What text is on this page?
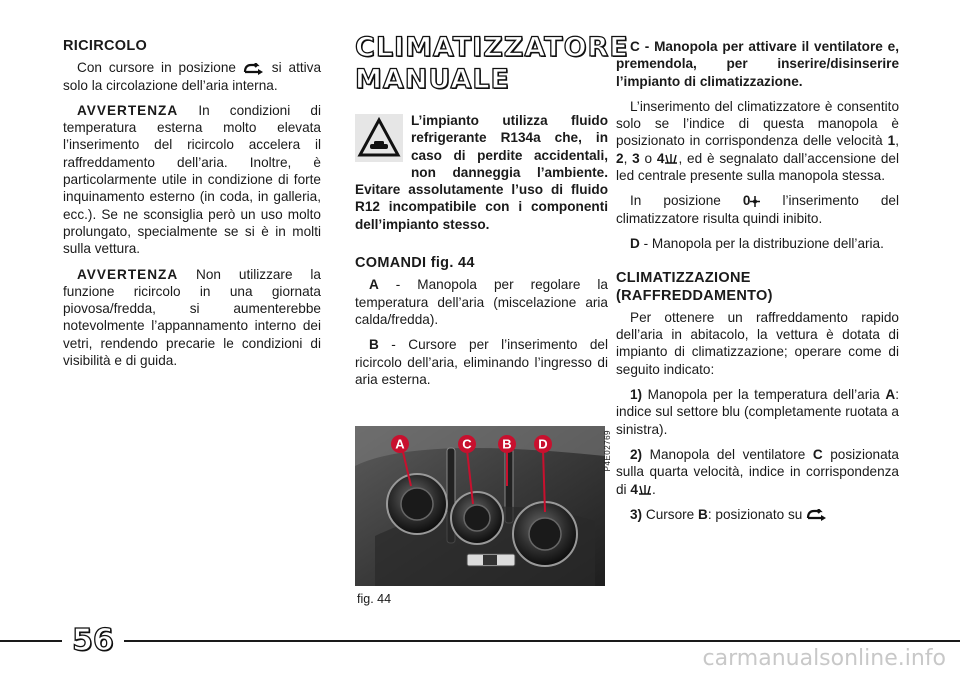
RICIRCOLO

Con cursore in posizione	si attiva solo la circolazione dell’aria interna.

AVVERTENZA In condizioni di temperatura esterna molto elevata l’inserimento del ricircolo accelera il raffreddamento dell’aria. Inoltre, è particolarmente utile in condizione di forte inquinamento esterno (in coda, in galleria, ecc.). Se ne sconsiglia però un uso molto prolungato, specialmente se si è in molti sulla vettura.

AVVERTENZA Non utilizzare la funzione ricircolo in una giornata piovosa/fredda, si aumenterebbe notevolmente l’appannamento interno dei vetri, rendendo precarie le condizioni di visibilità e di guida.

CLIMATIZZATORE
MANUALE
L’impianto utilizza fluido refrigerante R134a che, in caso di perdite accidentali, non danneggia l’ambiente. Evitare assolutamente l’uso di fluido R12 incompatibile con i componenti dell’impianto stesso.
COMANDI fig. 44

A - Manopola per regolare la temperatura dell’aria (miscelazione aria calda/fredda).

B - Cursore per l’inserimento del ricircolo dell’aria, eliminando l’ingresso di aria esterna.

A	C B D	P4E02769
fig. 44

C - Manopola per attivare il ventilatore e, premendola, per inserire/disinserire l’impianto di climatizzazione.

L’inserimento del climatizzatore è consentito solo se l’indice di questa manopola è posizionato in corrispondenza delle velocità 1, 2, 3 o 4 , ed è segnalato dall’accensione del led centrale presente sulla manopola stessa.

In posizione 0 l’inserimento del climatizzatore risulta quindi inibito.

D - Manopola per la distribuzione dell’aria.

CLIMATIZZAZIONE
(RAFFREDDAMENTO)

Per ottenere un raffreddamento rapido dell’aria in abitacolo, la vettura è dotata di impianto di climatizzazione; operare come di seguito indicato:

1) Manopola per la temperatura dell’aria A: indice sul settore blu (completamente ruotata a sinistra).

2) Manopola del ventilatore C posizionata sulla quarta velocità, indice in corrispondenza di 4 .

3) Cursore B: posizionato su

56
carmanualsonline.info
